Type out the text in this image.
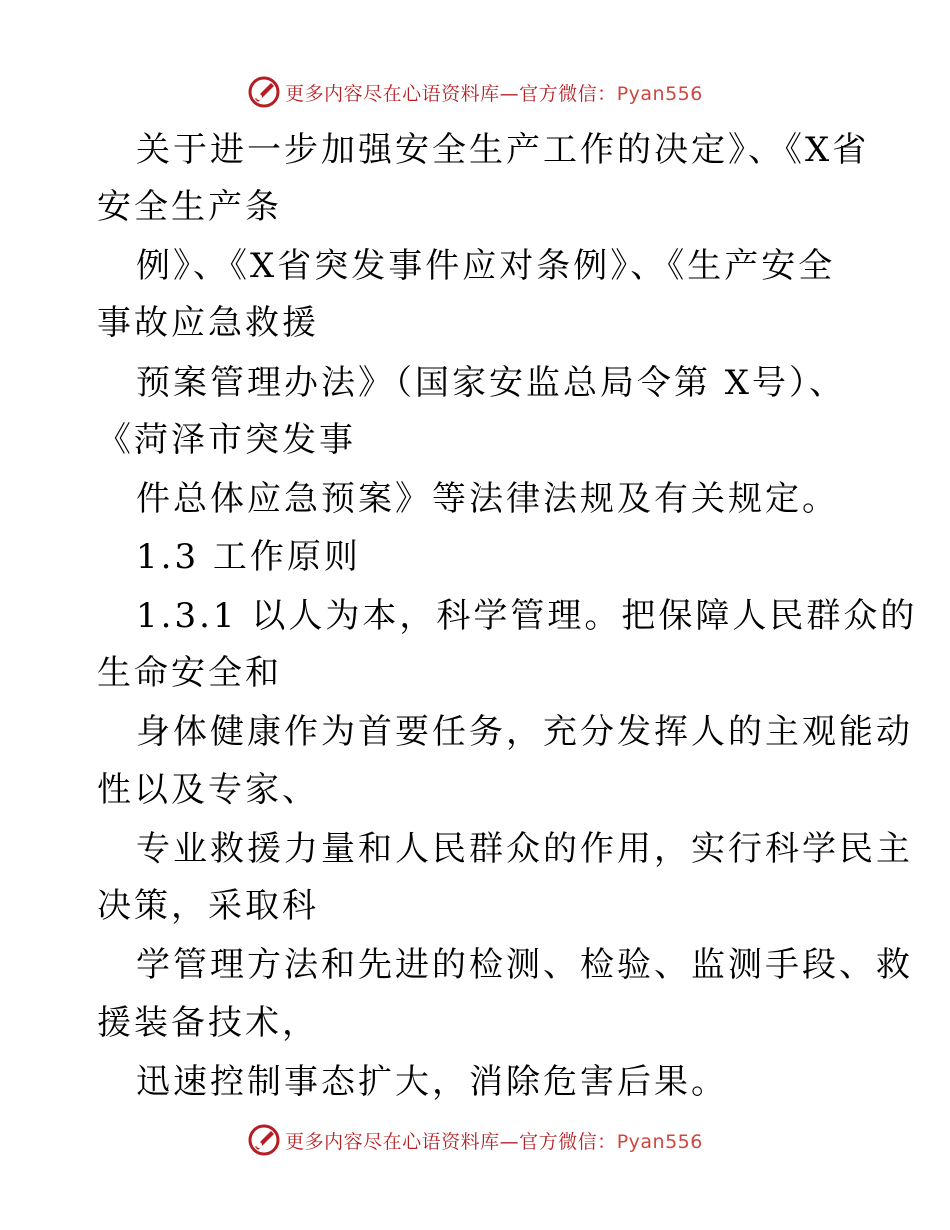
更多内容尽在心语资料库—官方微信：Pyan556
关于进一步加强安全生产工作的决定》、《X省
安全生产条
例》、《X省突发事件应对条例》、《生产安全
事故应急救援
预案管理办法》（国家安监总局令第 X号）、
《菏泽市突发事
件总体应急预案》等法律法规及有关规定。
1.3 工作原则
1.3.1 以人为本，科学管理。把保障人民群众的
生命安全和
身体健康作为首要任务，充分发挥人的主观能动
性以及专家、
专业救援力量和人民群众的作用，实行科学民主
决策，采取科
学管理方法和先进的检测、检验、监测手段、救
援装备技术，
迅速控制事态扩大，消除危害后果。
更多内容尽在心语资料库—官方微信：Pyan556
